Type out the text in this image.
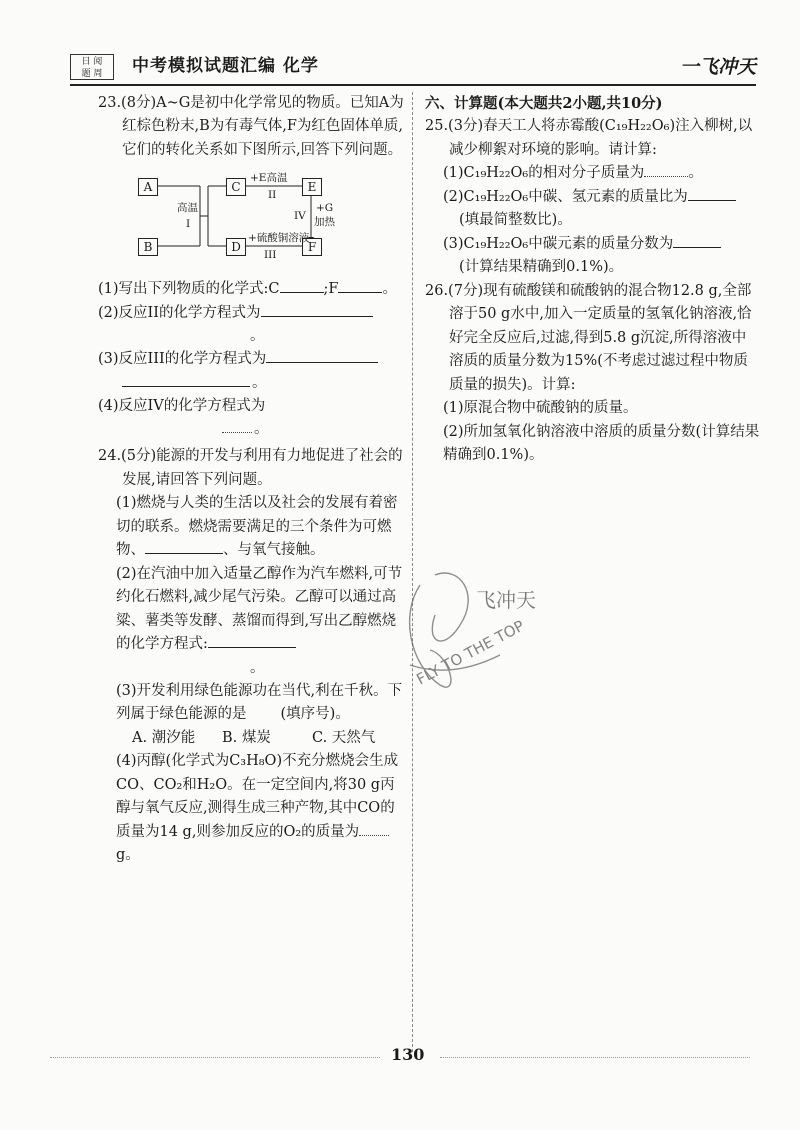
日 阅
题 周	中考模拟试题汇编 化学	一飞冲天

23.(8分)A~G是初中化学常见的物质。已知A为红棕色粉末,B为有毒气体,F为红色固体单质,它们的转化关系如下图所示,回答下列问题。

A
B
C	E
D	F
高温
I
+E高温
II
+硫酸铜溶液
III
IV
+G
加热

(1)写出下列物质的化学式:C	;F	。

(2)反应II的化学方程式为

。

(3)反应III的化学方程式为

。

(4)反应IV的化学方程式为

。

24.(5分)能源的开发与利用有力地促进了社会的发展,请回答下列问题。

(1)燃烧与人类的生活以及社会的发展有着密切的联系。燃烧需要满足的三个条件为可燃物、	、与氧气接触。

(2)在汽油中加入适量乙醇作为汽车燃料,可节约化石燃料,减少尾气污染。乙醇可以通过高粱、薯类等发酵、蒸馏而得到,写出乙醇燃烧的化学方程式:

。

(3)开发利用绿色能源功在当代,利在千秋。下列属于绿色能源的是 (填序号)。

A. 潮汐能 B. 煤炭	C. 天然气

(4)丙醇(化学式为C₃H₈O)不充分燃烧会生成CO、CO₂和H₂O。在一定空间内,将30 g丙醇与氧气反应,测得生成三种产物,其中CO的质量为14 g,则参加反应的O₂的质量为g。

六、计算题(本大题共2小题,共10分)

25.(3分)春天工人将赤霉酸(C₁₉H₂₂O₆)注入柳树,以减少柳絮对环境的影响。请计算:

(1)C₁₉H₂₂O₆的相对分子质量为	。

(2)C₁₉H₂₂O₆中碳、氢元素的质量比为

(填最简整数比)。

(3)C₁₉H₂₂O₆中碳元素的质量分数为

(计算结果精确到0.1%)。

26.(7分)现有硫酸镁和硫酸钠的混合物12.8 g,全部溶于50 g水中,加入一定质量的氢氧化钠溶液,恰好完全反应后,过滤,得到5.8 g沉淀,所得溶液中溶质的质量分数为15%(不考虑过滤过程中物质质量的损失)。计算:

(1)原混合物中硫酸钠的质量。

(2)所加氢氧化钠溶液中溶质的质量分数(计算结果精确到0.1%)。

飞冲天
FLY TO THE TOP
130
